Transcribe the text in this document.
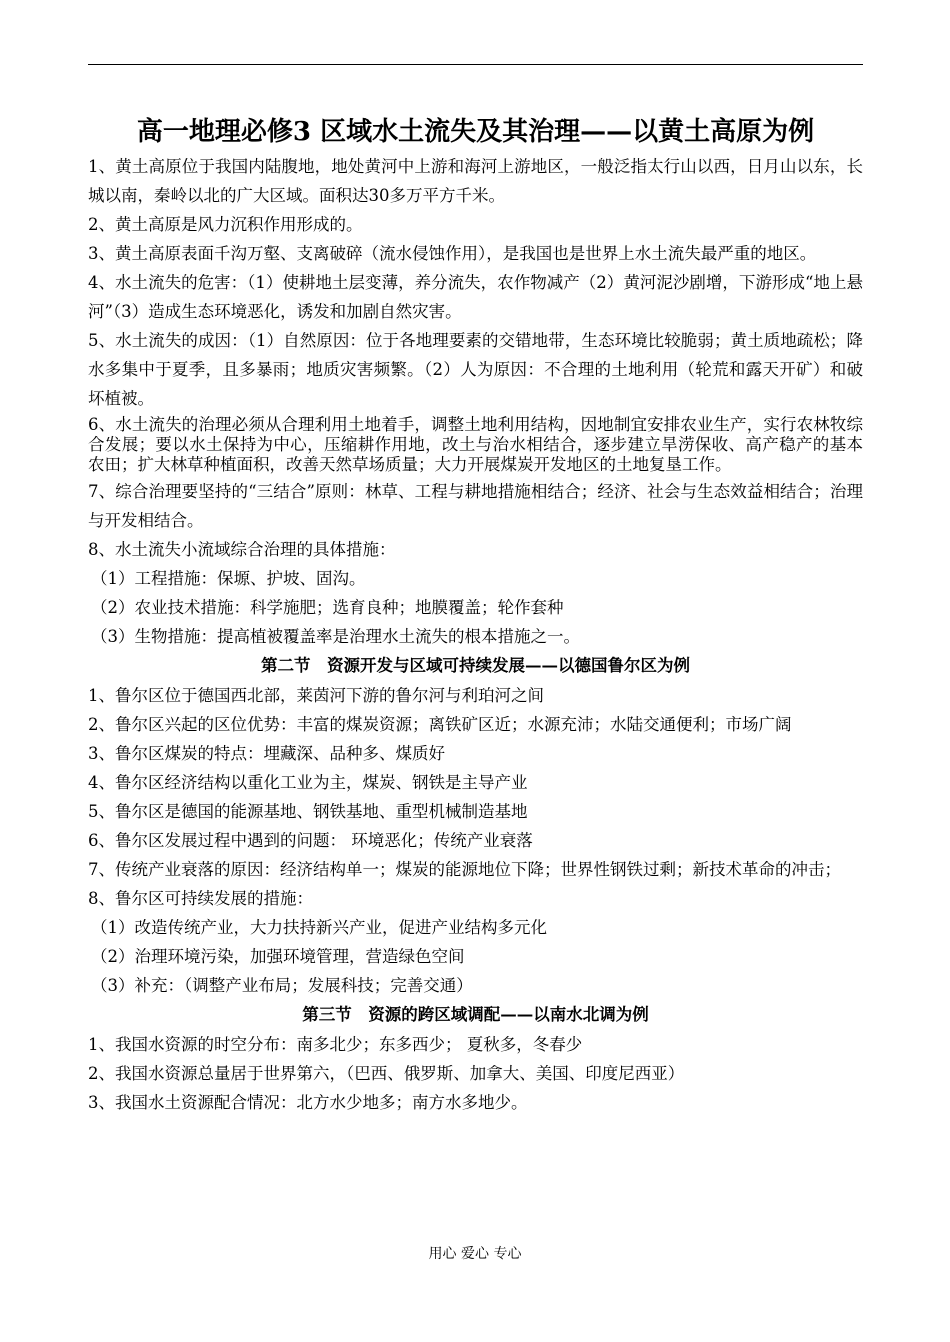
高一地理必修3 区域水土流失及其治理——以黄土高原为例
1、黄土高原位于我国内陆腹地，地处黄河中上游和海河上游地区，一般泛指太行山以西，日月山以东，长城以南，秦岭以北的广大区域。面积达30多万平方千米。
2、黄土高原是风力沉积作用形成的。
3、黄土高原表面千沟万壑、支离破碎（流水侵蚀作用），是我国也是世界上水土流失最严重的地区。
4、水土流失的危害：（1）使耕地土层变薄，养分流失，农作物减产（2）黄河泥沙剧增，下游形成“地上悬河”（3）造成生态环境恶化，诱发和加剧自然灾害。
5、水土流失的成因：（1）自然原因：位于各地理要素的交错地带，生态环境比较脆弱；黄土质地疏松；降水多集中于夏季，且多暴雨；地质灾害频繁。（2）人为原因：不合理的土地利用（轮荒和露天开矿）和破坏植被。
6、水土流失的治理必须从合理利用土地着手，调整土地利用结构，因地制宜安排农业生产，实行农林牧综合发展；要以水土保持为中心，压缩耕作用地，改土与治水相结合，逐步建立旱涝保收、高产稳产的基本农田；扩大林草种植面积，改善天然草场质量；大力开展煤炭开发地区的土地复垦工作。
7、综合治理要坚持的“三结合”原则：林草、工程与耕地措施相结合；经济、社会与生态效益相结合；治理与开发相结合。
8、水土流失小流域综合治理的具体措施：
（1）工程措施：保塬、护坡、固沟。
（2）农业技术措施：科学施肥；选育良种；地膜覆盖；轮作套种
（3）生物措施：提高植被覆盖率是治理水土流失的根本措施之一。
第二节　资源开发与区域可持续发展——以德国鲁尔区为例
1、鲁尔区位于德国西北部，莱茵河下游的鲁尔河与利珀河之间
2、鲁尔区兴起的区位优势：丰富的煤炭资源；离铁矿区近；水源充沛；水陆交通便利；市场广阔
3、鲁尔区煤炭的特点：埋藏深、品种多、煤质好
4、鲁尔区经济结构以重化工业为主，煤炭、钢铁是主导产业
5、鲁尔区是德国的能源基地、钢铁基地、重型机械制造基地
6、鲁尔区发展过程中遇到的问题： 环境恶化；传统产业衰落
7、传统产业衰落的原因：经济结构单一；煤炭的能源地位下降；世界性钢铁过剩；新技术革命的冲击；
8、鲁尔区可持续发展的措施：
（1）改造传统产业，大力扶持新兴产业，促进产业结构多元化
（2）治理环境污染，加强环境管理，营造绿色空间
（3）补充：（调整产业布局；发展科技；完善交通）
第三节　资源的跨区域调配——以南水北调为例
1、我国水资源的时空分布：南多北少；东多西少； 夏秋多，冬春少
2、我国水资源总量居于世界第六，（巴西、俄罗斯、加拿大、美国、印度尼西亚）
3、我国水土资源配合情况：北方水少地多；南方水多地少。
用心 爱心 专心
